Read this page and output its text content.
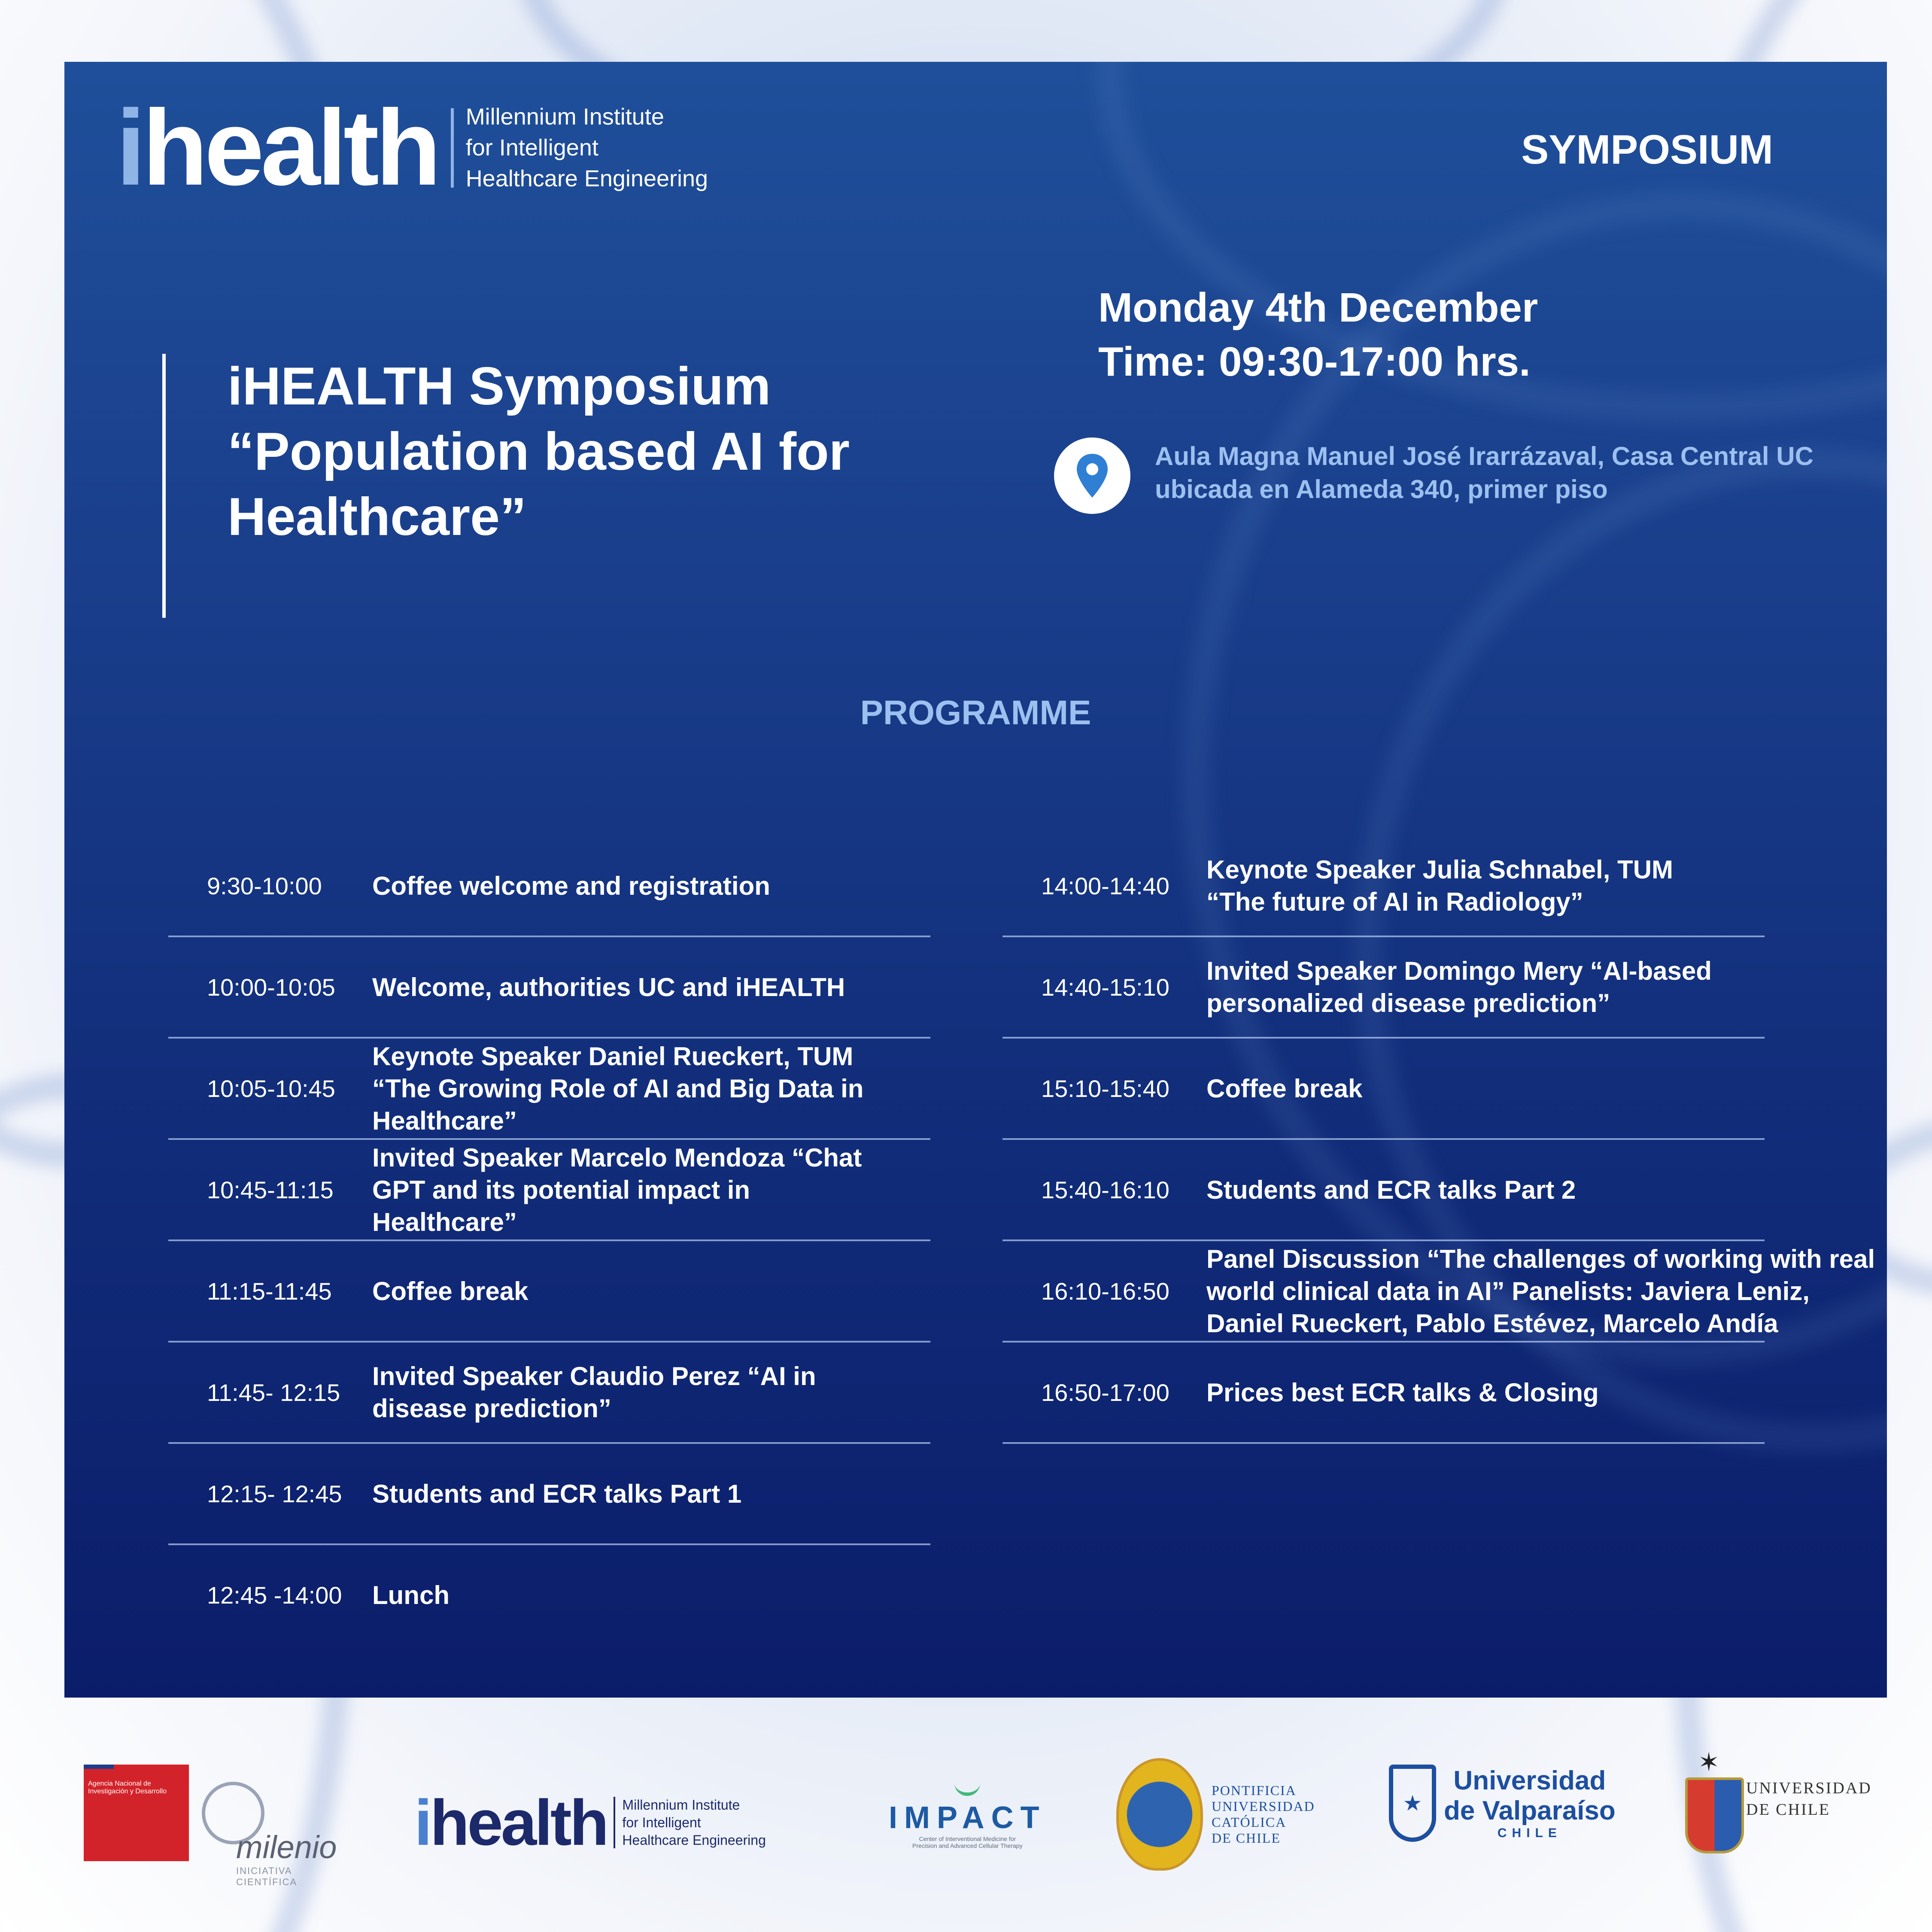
ihealth Millennium Institute
for Intelligent
Healthcare Engineering
SYMPOSIUM
iHEALTH Symposium
“Population based AI for
Healthcare”
Monday 4th December
Time: 09:30-17:00 hrs.
Aula Magna Manuel José Irarrázaval, Casa Central UC
ubicada en Alameda 340, primer piso
PROGRAMME
9:30-10:00 Coffee welcome and registration
10:00-10:05 Welcome, authorities UC and iHEALTH
10:05-10:45
Keynote Speaker Daniel Rueckert, TUM
“The Growing Role of AI and Big Data in
Healthcare”
10:45-11:15
Invited Speaker Marcelo Mendoza “Chat
GPT and its potential impact in
Healthcare”
11:15-11:45 Coffee break
11:45- 12:15
Invited Speaker Claudio Perez “AI in
disease prediction”
12:15- 12:45 Students and ECR talks Part 1
12:45 -14:00 Lunch
14:00-14:40
Keynote Speaker Julia Schnabel, TUM
“The future of AI in Radiology”
14:40-15:10
Invited Speaker Domingo Mery “AI-based
personalized disease prediction”
15:10-15:40 Coffee break
15:40-16:10 Students and ECR talks Part 2
16:10-16:50
Panel Discussion “The challenges of working with real
world clinical data in AI” Panelists: Javiera Leniz,
Daniel Rueckert, Pablo Estévez, Marcelo Andía
16:50-17:00 Prices best ECR talks & Closing
Agencia Nacional de Investigación y Desarrollo
milenio
INICIATIVA CIENTÍFICA
ihealth Millennium Institute
for Intelligent
Healthcare Engineering
IMPACT
Center of Interventional Medicine for
Precision and Advanced Cellular Therapy
PONTIFICIA
UNIVERSIDAD
CATÓLICA
DE CHILE
★
Universidad
de Valparaíso
CHILE
✶
UNIVERSIDAD
DE CHILE
